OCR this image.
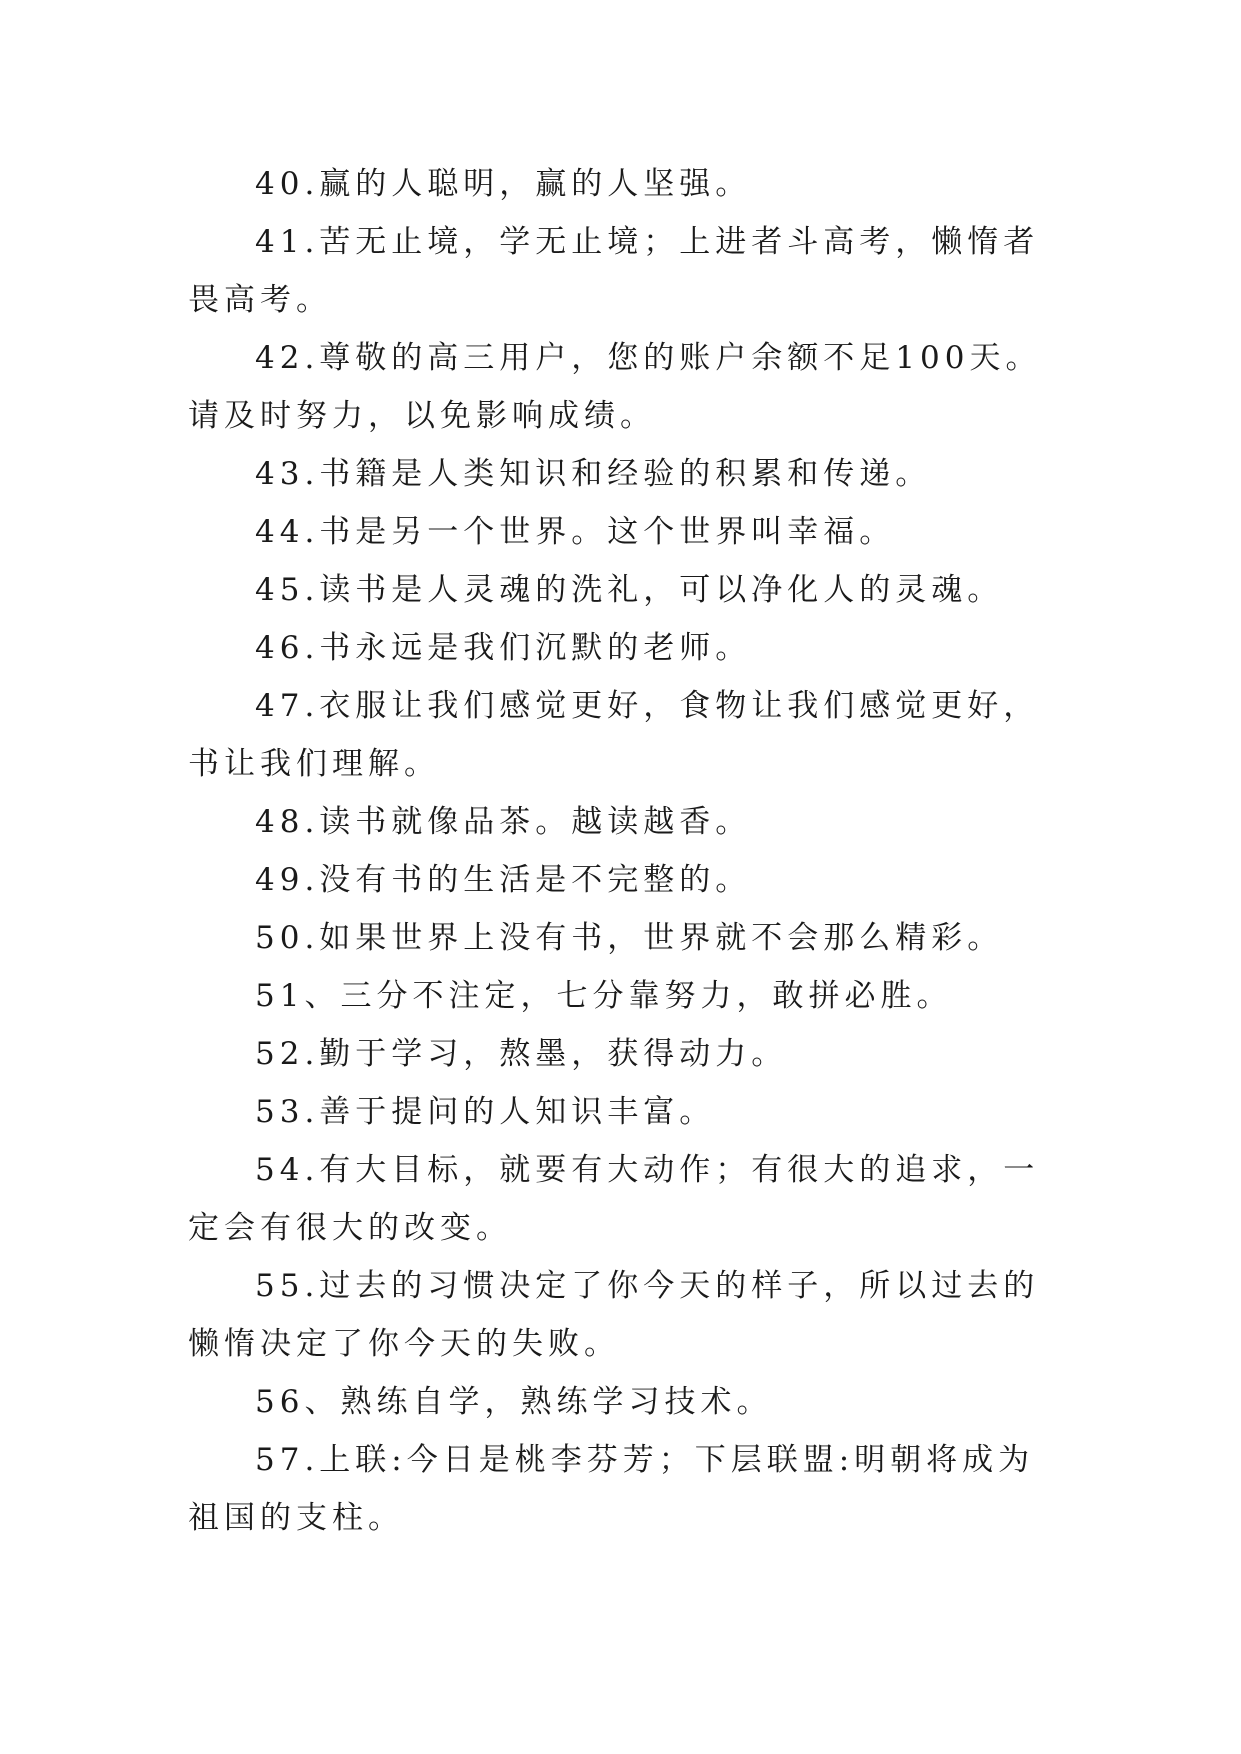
40.赢的人聪明，赢的人坚强。

41.苦无止境，学无止境；上进者斗高考，懒惰者畏高考。

42.尊敬的高三用户，您的账户余额不足100天。请及时努力，以免影响成绩。

43.书籍是人类知识和经验的积累和传递。

44.书是另一个世界。这个世界叫幸福。

45.读书是人灵魂的洗礼，可以净化人的灵魂。

46.书永远是我们沉默的老师。

47.衣服让我们感觉更好，食物让我们感觉更好，书让我们理解。

48.读书就像品茶。越读越香。

49.没有书的生活是不完整的。

50.如果世界上没有书，世界就不会那么精彩。

51、三分不注定，七分靠努力，敢拼必胜。

52.勤于学习，熬墨，获得动力。

53.善于提问的人知识丰富。

54.有大目标，就要有大动作；有很大的追求，一定会有很大的改变。

55.过去的习惯决定了你今天的样子，所以过去的懒惰决定了你今天的失败。

56、熟练自学，熟练学习技术。

57.上联:今日是桃李芬芳；下层联盟:明朝将成为祖国的支柱。
